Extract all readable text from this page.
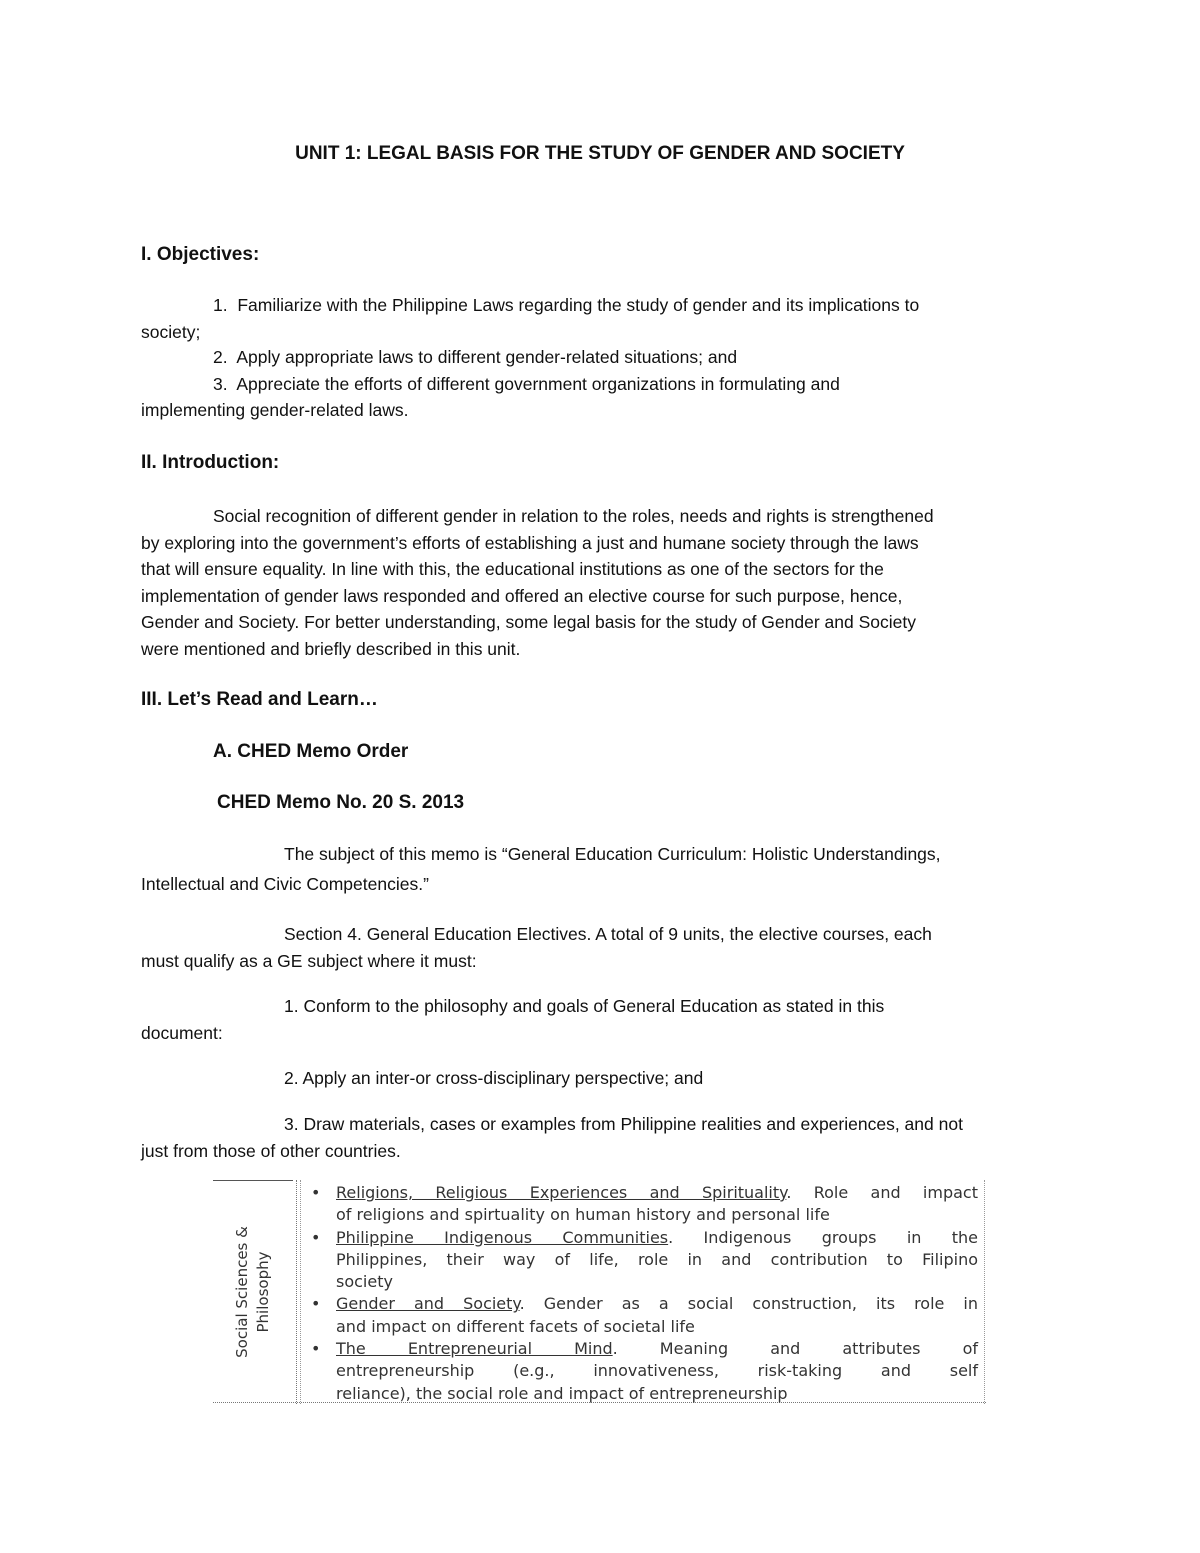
UNIT 1: LEGAL BASIS FOR THE STUDY OF GENDER AND SOCIETY
I. Objectives:
1. Familiarize with the Philippine Laws regarding the study of gender and its implications to
society;
2. Apply appropriate laws to different gender-related situations; and
3. Appreciate the efforts of different government organizations in formulating and
implementing gender-related laws.
II. Introduction:
Social recognition of different gender in relation to the roles, needs and rights is strengthened
by exploring into the government’s efforts of establishing a just and humane society through the laws
that will ensure equality. In line with this, the educational institutions as one of the sectors for the
implementation of gender laws responded and offered an elective course for such purpose, hence,
Gender and Society. For better understanding, some legal basis for the study of Gender and Society
were mentioned and briefly described in this unit.
III. Let’s Read and Learn…
A. CHED Memo Order
CHED Memo No. 20 S. 2013
The subject of this memo is “General Education Curriculum: Holistic Understandings,
Intellectual and Civic Competencies.”
Section 4. General Education Electives. A total of 9 units, the elective courses, each
must qualify as a GE subject where it must:
1. Conform to the philosophy and goals of General Education as stated in this
document:
2. Apply an inter-or cross-disciplinary perspective; and
3. Draw materials, cases or examples from Philippine realities and experiences, and not
just from those of other countries.
Social Sciences & Philosophy
• Religions, Religious Experiences and Spirituality. Role and impact
of religions and spirtuality on human history and personal life
• Philippine Indigenous Communities. Indigenous groups in the
Philippines, their way of life, role in and contribution to Filipino
society
• Gender and Society. Gender as a social construction, its role in
and impact on different facets of societal life
• The Entrepreneurial Mind. Meaning and attributes of
entrepreneurship (e.g., innovativeness, risk-taking and self
reliance), the social role and impact of entrepreneurship
